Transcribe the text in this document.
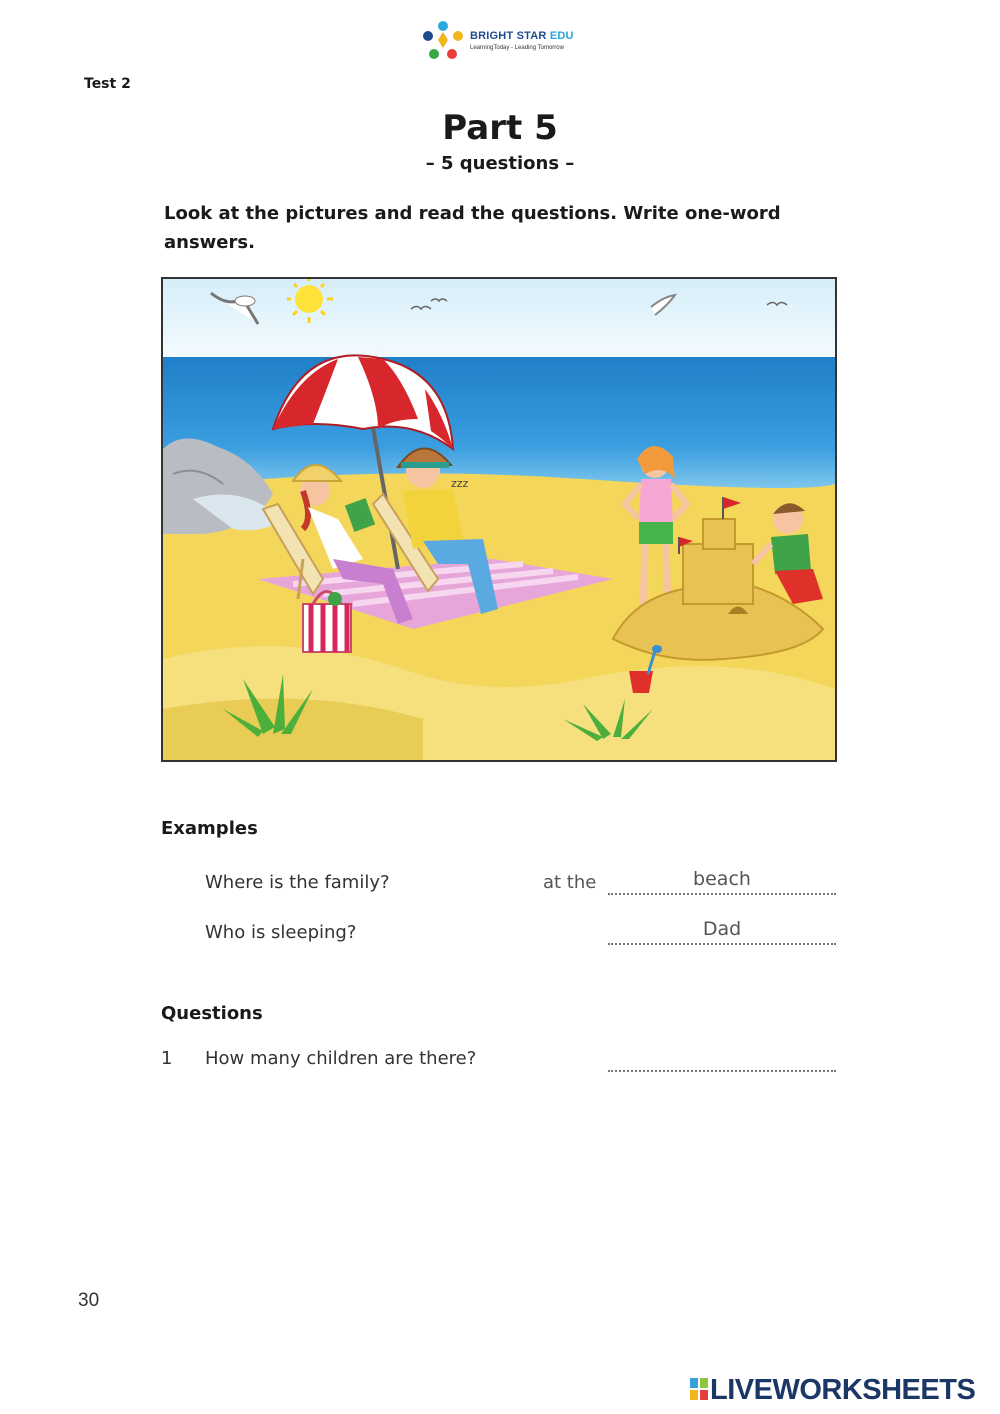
BRIGHT STAR EDU
LearningToday - Leading Tomorrow
Test 2
Part 5
– 5 questions –
Look at the pictures and read the questions. Write one-word answers.
zzz
Examples
Where is the family?	at the	beach
Who is sleeping?	Dad
Questions
1 How many children are there?
30
LIVEWORKSHEETS
